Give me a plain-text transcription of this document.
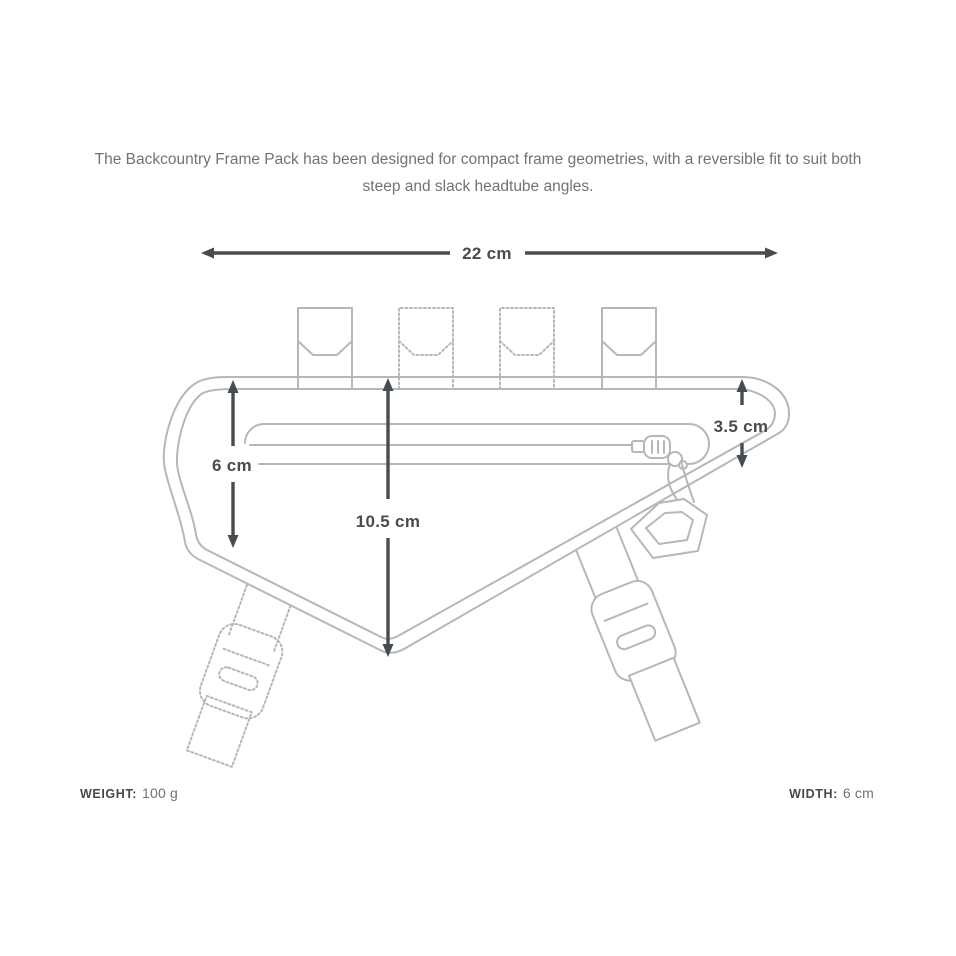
The Backcountry Frame Pack has been designed for compact frame geometries, with a reversible fit to suit both
steep and slack headtube angles.
22 cm
6 cm
10.5 cm
3.5 cm
WEIGHT: 100 g	WIDTH: 6 cm
